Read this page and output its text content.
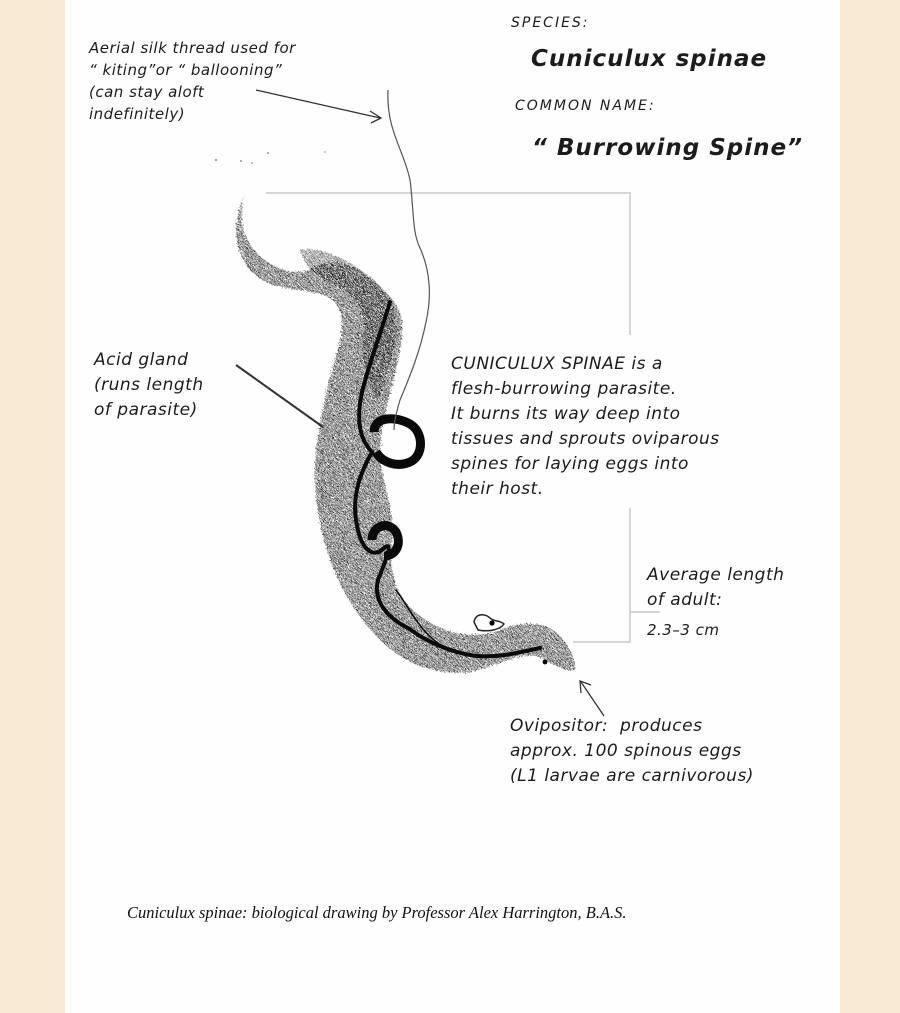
SPECIES:
Cuniculux spinae
COMMON NAME:
“ Burrowing Spine”

Aerial silk thread used for

“ kiting”or “ ballooning”

(can stay aloft

indefinitely)

Acid gland

(runs length

of parasite)

CUNICULUX SPINAE is a

flesh-burrowing parasite.

It burns its way deep into

tissues and sprouts oviparous

spines for laying eggs into

their host.

Average length

of adult:

2.3–3 cm

Ovipositor:  produces

approx. 100 spinous eggs

(L1 larvae are carnivorous)

Cuniculux spinae: biological drawing by Professor Alex Harrington, B.A.S.
